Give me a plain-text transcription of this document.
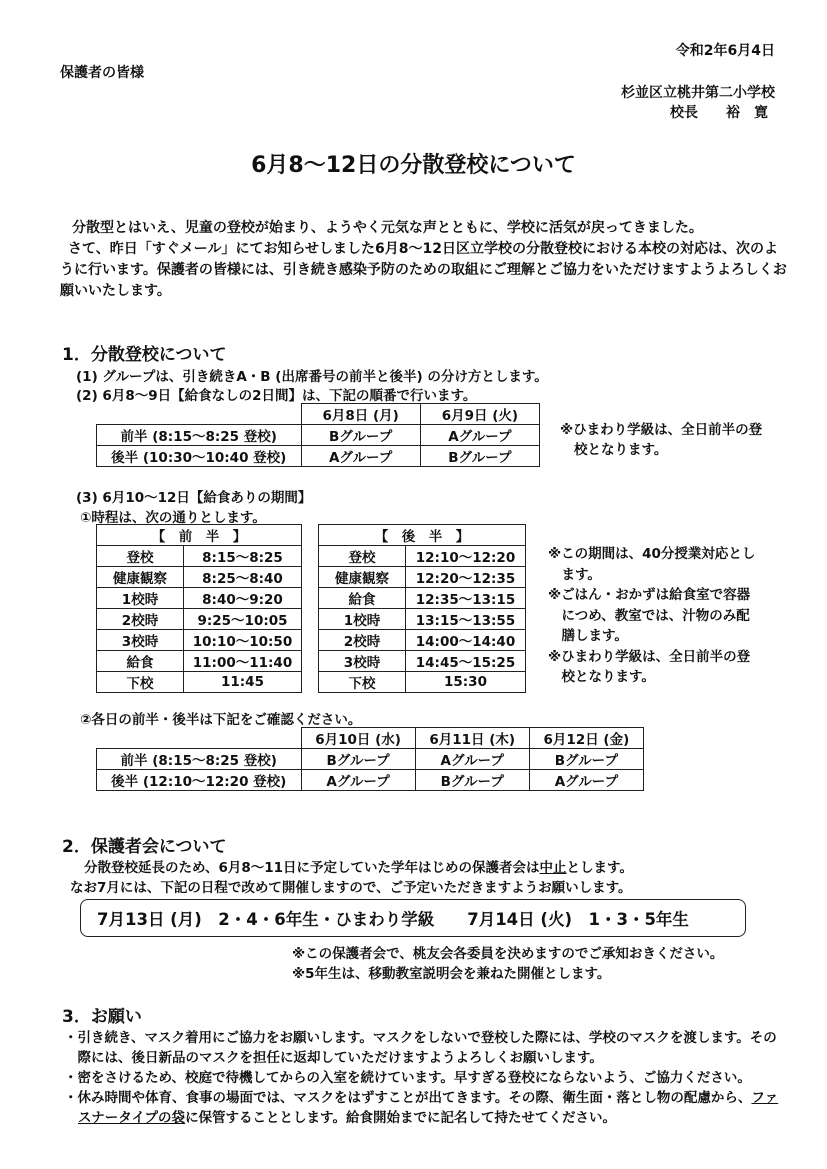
令和2年6月4日
保護者の皆様
杉並区立桃井第二小学校
校長　　裕　寛
6月8～12日の分散登校について
分散型とはいえ、児童の登校が始まり、ようやく元気な声とともに、学校に活気が戻ってきました。
さて、昨日「すぐメール」にてお知らせしました6月8～12日区立学校の分散登校における本校の対応は、次のよ
うに行います。保護者の皆様には、引き続き感染予防のための取組にご理解とご協力をいただけますようよろしくお
願いいたします。
1．分散登校について
(1) グループは、引き続きA・B (出席番号の前半と後半) の分け方とします。
(2) 6月8～9日【給食なしの2日間】は、下記の順番で行います。
	6月8日 (月)	6月9日 (火)
前半 (8:15～8:25 登校)	Bグループ	Aグループ
後半 (10:30～10:40 登校)	Aグループ	Bグループ
※ひまわり学級は、全日前半の登
校となります。
(3) 6月10～12日【給食ありの期間】
①時程は、次の通りとします。
【　前　半　】	
登校	8:15～8:25
健康観察	8:25～8:40
1校時	8:40～9:20
2校時	9:25～10:05
3校時	10:10～10:50
給食	11:00～11:40
下校	11:45
【　後　半　】	
登校	12:10～12:20
健康観察	12:20～12:35
給食	12:35～13:15
1校時	13:15～13:55
2校時	14:00～14:40
3校時	14:45～15:25
下校	15:30
※この期間は、40分授業対応とし
　ます。
※ごはん・おかずは給食室で容器
　につめ、教室では、汁物のみ配
　膳します。
※ひまわり学級は、全日前半の登
　校となります。
②各日の前半・後半は下記をご確認ください。
	6月10日 (水)	6月11日 (木)	6月12日 (金)
前半 (8:15～8:25 登校)	Bグループ	Aグループ	Bグループ
後半 (12:10～12:20 登校)	Aグループ	Bグループ	Aグループ
2．保護者会について
分散登校延長のため、6月8～11日に予定していた学年はじめの保護者会は中止とします。
なお7月には、下記の日程で改めて開催しますので、ご予定いただきますようお願いします。
7月13日 (月)　2・4・6年生・ひまわり学級　　7月14日 (火)　1・3・5年生
※この保護者会で、桃友会各委員を決めますのでご承知おきください。
※5年生は、移動教室説明会を兼ねた開催とします。
3．お願い
・引き続き、マスク着用にご協力をお願いします。マスクをしないで登校した際には、学校のマスクを渡します。その
　際には、後日新品のマスクを担任に返却していただけますようよろしくお願いします。
・密をさけるため、校庭で待機してからの入室を続けています。早すぎる登校にならないよう、ご協力ください。
・休み時間や体育、食事の場面では、マスクをはずすことが出てきます。その際、衛生面・落とし物の配慮から、ファ
スナータイプの袋に保管することとします。給食開始までに記名して持たせてください。
